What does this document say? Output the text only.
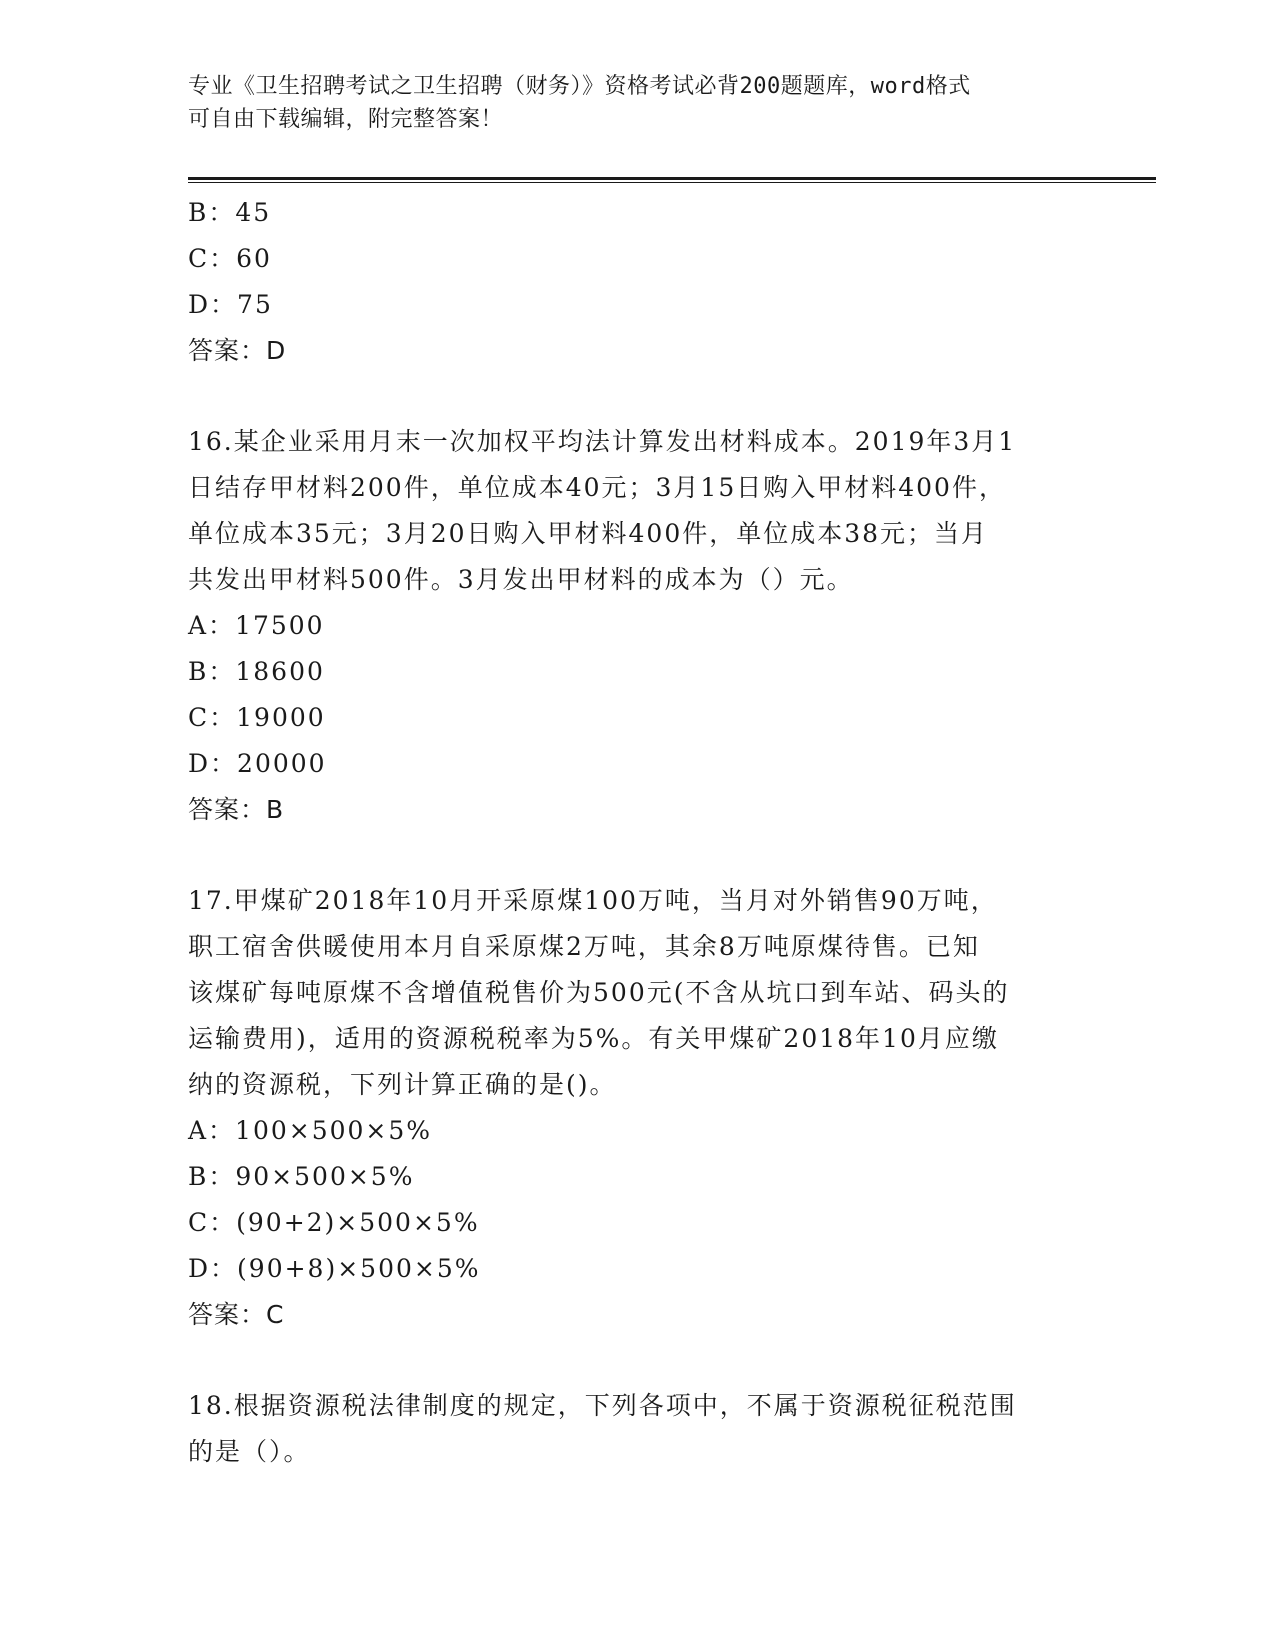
专业《卫生招聘考试之卫生招聘（财务）》资格考试必背200题题库，word格式
可自由下载编辑，附完整答案！
B：45
C：60
D：75
答案：D
16.某企业采用月末一次加权平均法计算发出材料成本。2019年3月1
日结存甲材料200件，单位成本40元；3月15日购入甲材料400件，
单位成本35元；3月20日购入甲材料400件，单位成本38元；当月
共发出甲材料500件。3月发出甲材料的成本为（）元。
A：17500
B：18600
C：19000
D：20000
答案：B
17.甲煤矿2018年10月开采原煤100万吨，当月对外销售90万吨，
职工宿舍供暖使用本月自采原煤2万吨，其余8万吨原煤待售。已知
该煤矿每吨原煤不含增值税售价为500元(不含从坑口到车站、码头的
运输费用)，适用的资源税税率为5%。有关甲煤矿2018年10月应缴
纳的资源税，下列计算正确的是()。
A：100×500×5%
B：90×500×5%
C：(90+2)×500×5%
D：(90+8)×500×5%
答案：C
18.根据资源税法律制度的规定，下列各项中，不属于资源税征税范围
的是（）。
